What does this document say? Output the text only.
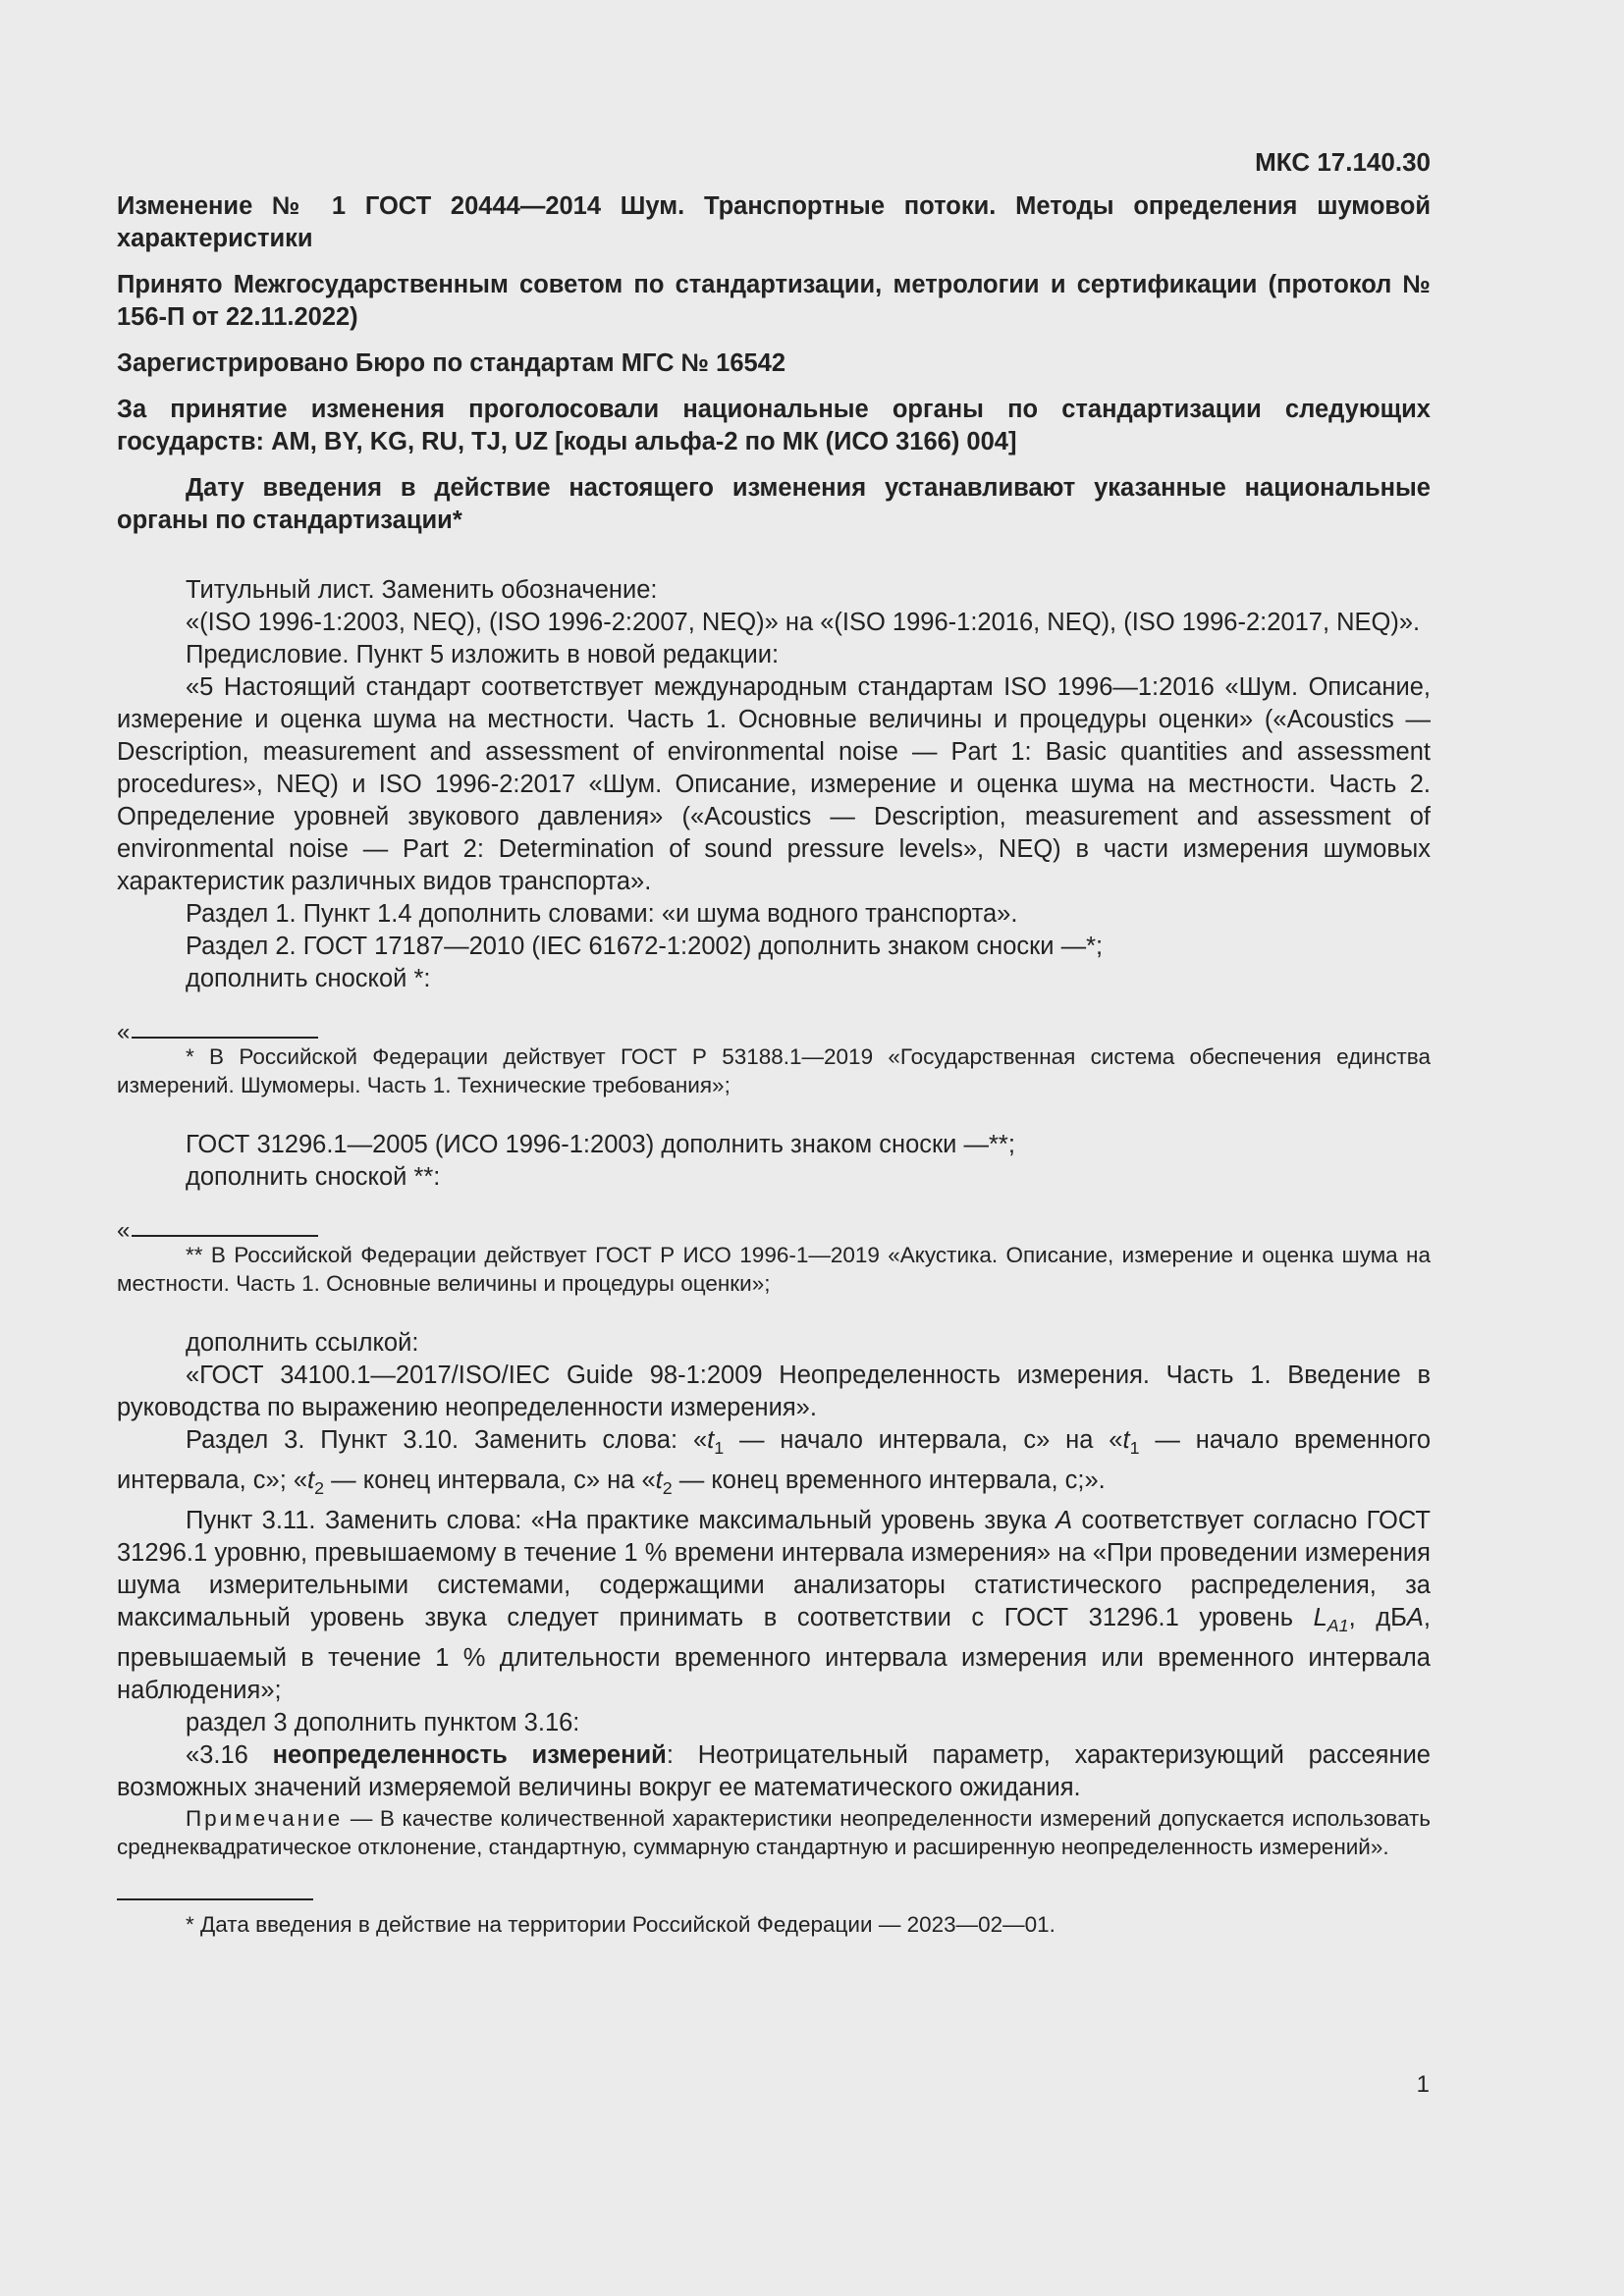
МКС 17.140.30

Изменение № 1 ГОСТ 20444—2014 Шум. Транспортные потоки. Методы определения шумовой характеристики

Принято Межгосударственным советом по стандартизации, метрологии и сертификации (протокол № 156-П от 22.11.2022)

Зарегистрировано Бюро по стандартам МГС № 16542

За принятие изменения проголосовали национальные органы по стандартизации следующих государств: AM, BY, KG, RU, TJ, UZ [коды альфа-2 по МК (ИСО 3166) 004]

Дату введения в действие настоящего изменения устанавливают указанные национальные органы по стандартизации*

Титульный лист. Заменить обозначение:

«(ISO 1996-1:2003, NEQ), (ISO 1996-2:2007, NEQ)» на «(ISO 1996-1:2016, NEQ), (ISO 1996-2:2017, NEQ)».

Предисловие. Пункт 5 изложить в новой редакции:

«5 Настоящий стандарт соответствует международным стандартам ISO 1996—1:2016 «Шум. Описание, измерение и оценка шума на местности. Часть 1. Основные величины и процедуры оценки» («Acoustics — Description, measurement and assessment of environmental noise — Part 1: Basic quantities and assessment procedures», NEQ) и ISO 1996-2:2017 «Шум. Описание, измерение и оценка шума на местности. Часть 2. Определение уровней звукового давления» («Acoustics — Description, measurement and assessment of environmental noise — Part 2: Determination of sound pressure levels», NEQ) в части измерения шумовых характеристик различных видов транспорта».

Раздел 1. Пункт 1.4 дополнить словами: «и шума водного транспорта».

Раздел 2. ГОСТ 17187—2010 (IEC 61672-1:2002) дополнить знаком сноски —*;

дополнить сноской *:

«

* В Российской Федерации действует ГОСТ Р 53188.1—2019 «Государственная система обеспечения единства измерений. Шумомеры. Часть 1. Технические требования»;

ГОСТ 31296.1—2005 (ИСО 1996-1:2003) дополнить знаком сноски —**;

дополнить сноской **:

«

** В Российской Федерации действует ГОСТ Р ИСО 1996-1—2019 «Акустика. Описание, измерение и оценка шума на местности. Часть 1. Основные величины и процедуры оценки»;

дополнить ссылкой:

«ГОСТ 34100.1—2017/ISO/IEC Guide 98-1:2009 Неопределенность измерения. Часть 1. Введение в руководства по выражению неопределенности измерения».

Раздел 3. Пункт 3.10. Заменить слова: «$t_1$ — начало интервала, с» на «$t_1$ — начало временного интервала, с»; «$t_2$ — конец интервала, с» на «$t_2$ — конец временного интервала, с;».

Пункт 3.11. Заменить слова: «На практике максимальный уровень звука A соответствует согласно ГОСТ 31296.1 уровню, превышаемому в течение 1 % времени интервала измерения» на «При проведении измерения шума измерительными системами, содержащими анализаторы статистического распределения, за максимальный уровень звука следует принимать в соответствии с ГОСТ 31296.1 уровень $L_{A1}$, дБA, превышаемый в течение 1 % длительности временного интервала измерения или временного интервала наблюдения»;

раздел 3 дополнить пунктом 3.16:

«3.16 неопределенность измерений: Неотрицательный параметр, характеризующий рассеяние возможных значений измеряемой величины вокруг ее математического ожидания.

Примечание — В качестве количественной характеристики неопределенности измерений допускается использовать среднеквадратическое отклонение, стандартную, суммарную стандартную и расширенную неопределенность измерений».

* Дата введения в действие на территории Российской Федерации — 2023—02—01.

1
